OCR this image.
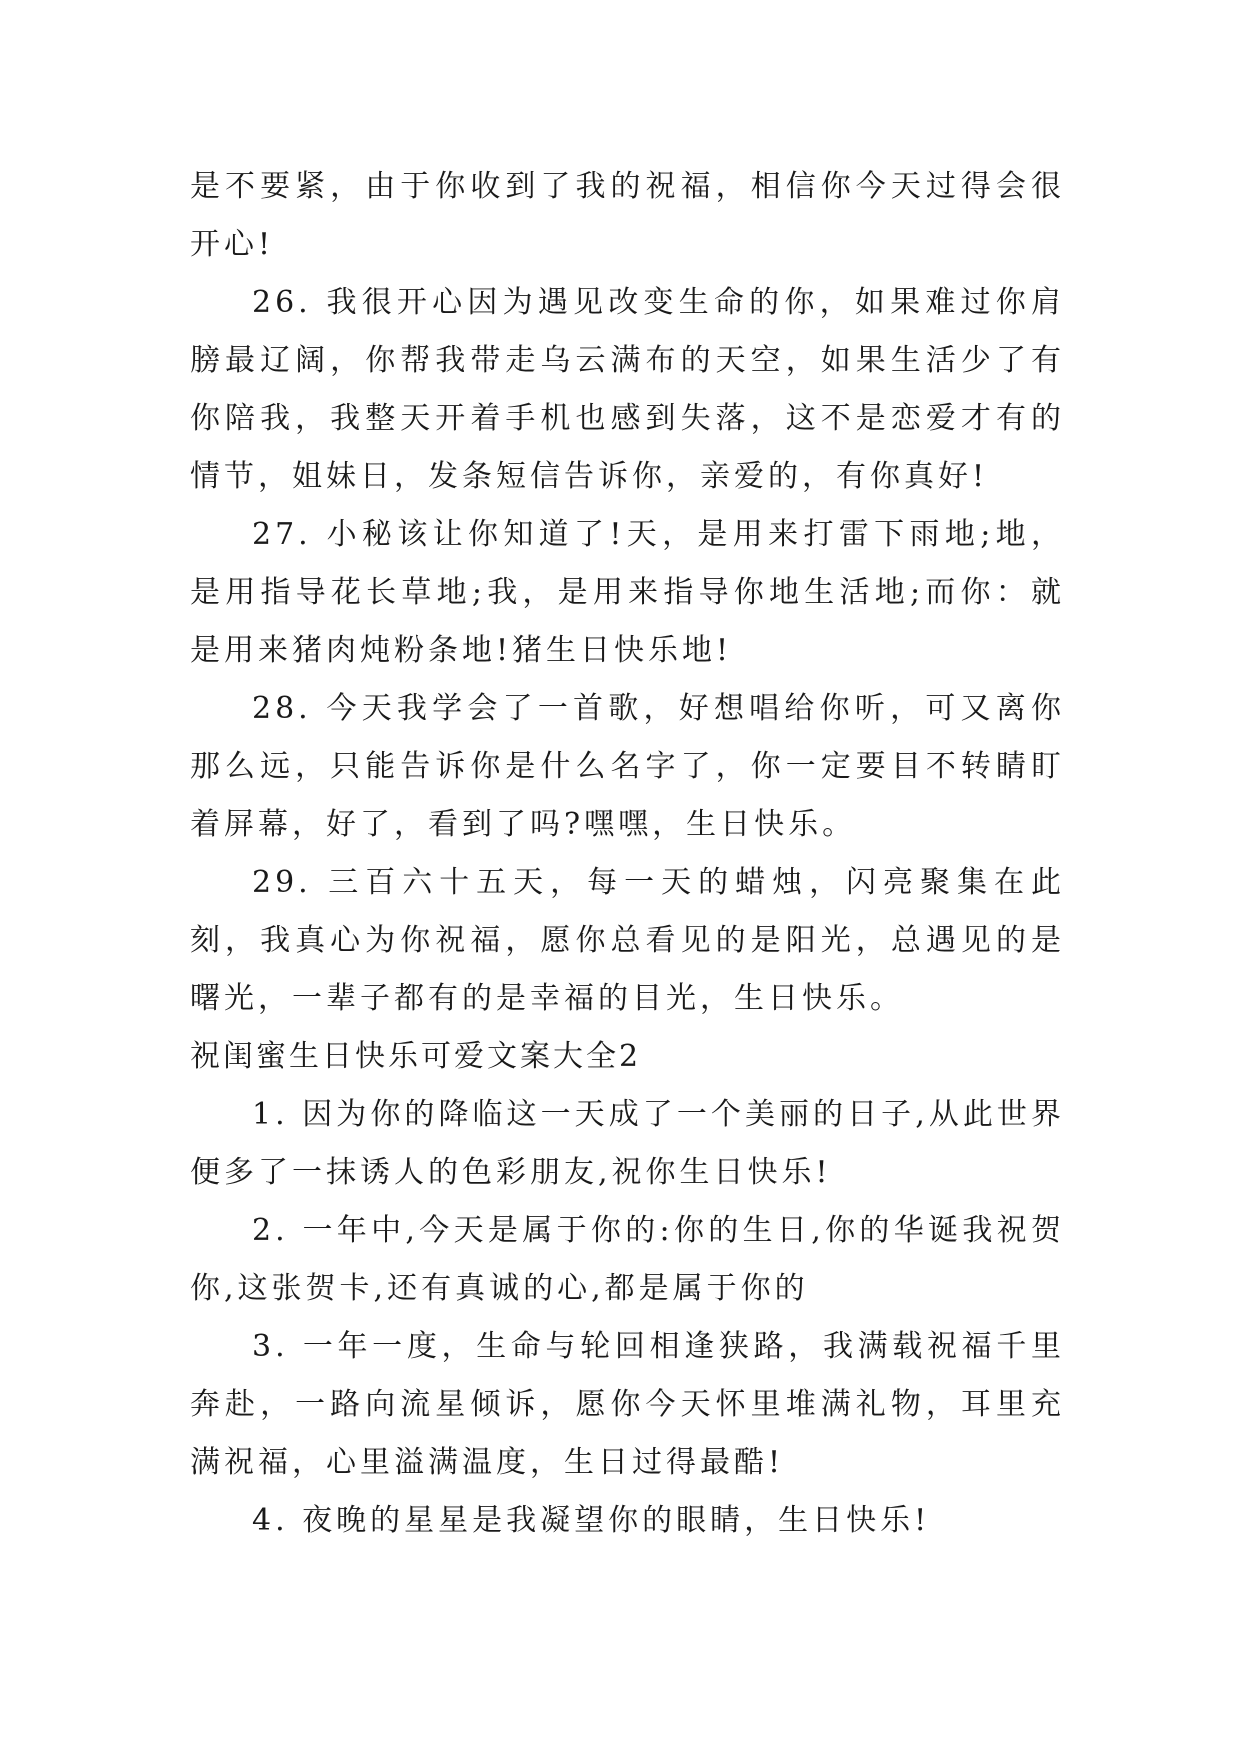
是不要紧，由于你收到了我的祝福，相信你今天过得会很开心!

26. 我很开心因为遇见改变生命的你，如果难过你肩膀最辽阔，你帮我带走乌云满布的天空，如果生活少了有你陪我，我整天开着手机也感到失落，这不是恋爱才有的情节，姐妹日，发条短信告诉你，亲爱的，有你真好!

27. 小秘该让你知道了!天，是用来打雷下雨地;地，是用指导花长草地;我，是用来指导你地生活地;而你：就是用来猪肉炖粉条地!猪生日快乐地!

28. 今天我学会了一首歌，好想唱给你听，可又离你那么远，只能告诉你是什么名字了，你一定要目不转睛盯着屏幕，好了，看到了吗?嘿嘿，生日快乐。

29. 三百六十五天，每一天的蜡烛，闪亮聚集在此刻，我真心为你祝福，愿你总看见的是阳光，总遇见的是曙光，一辈子都有的是幸福的目光，生日快乐。

祝闺蜜生日快乐可爱文案大全2

1. 因为你的降临这一天成了一个美丽的日子,从此世界便多了一抹诱人的色彩朋友,祝你生日快乐!

2. 一年中,今天是属于你的:你的生日,你的华诞我祝贺你,这张贺卡,还有真诚的心,都是属于你的

3. 一年一度，生命与轮回相逢狭路，我满载祝福千里奔赴，一路向流星倾诉，愿你今天怀里堆满礼物，耳里充满祝福，心里溢满温度，生日过得最酷!

4. 夜晚的星星是我凝望你的眼睛，生日快乐!
